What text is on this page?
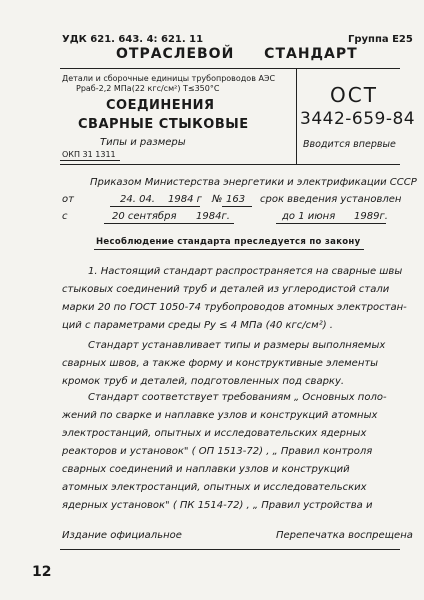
УДК 621. 643. 4: 621. 11	Группа Е25
ОТРАСЛЕВОЙ СТАНДАРТ
Детали и сборочные единицы трубопроводов АЭС
Рраб-2,2 МПа(22 кгс/см²) Т≤350°С
СОЕДИНЕНИЯ
СВАРНЫЕ СТЫКОВЫЕ
Типы и размеры
ОКП 31 1311
ОСТ
3442-659-84
Вводится впервые
Приказом Министерства энергетики и электрификации СССР
от	24. 04. 1984 г № 163 срок введения установлен
с	20 сентября 1984г.	до 1 июня 1989г.
Несоблюдение стандарта преследуется по закону
1. Настоящий стандарт распространяется на сварные швы
стыковых соединений труб и деталей из углеродистой стали
марки 20 по ГОСТ 1050-74 трубопроводов атомных электростан-
ций с параметрами среды Ру ≤ 4 МПа (40 кгс/см²) .
Стандарт устанавливает типы и размеры выполняемых
сварных швов, а также форму и конструктивные элементы
кромок труб и деталей, подготовленных под сварку.
Стандарт соответствует требованиям „ Основных поло-
жений по сварке и наплавке узлов и конструкций атомных
электростанций, опытных и исследовательских ядерных
реакторов и установок" ( ОП 1513-72) , „ Правил контроля
сварных соединений и наплавки узлов и конструкций
атомных электростанций, опытных и исследовательских
ядерных установок" ( ПК 1514-72) , „ Правил устройства и
Издание официальное	Перепечатка воспрещена
12
